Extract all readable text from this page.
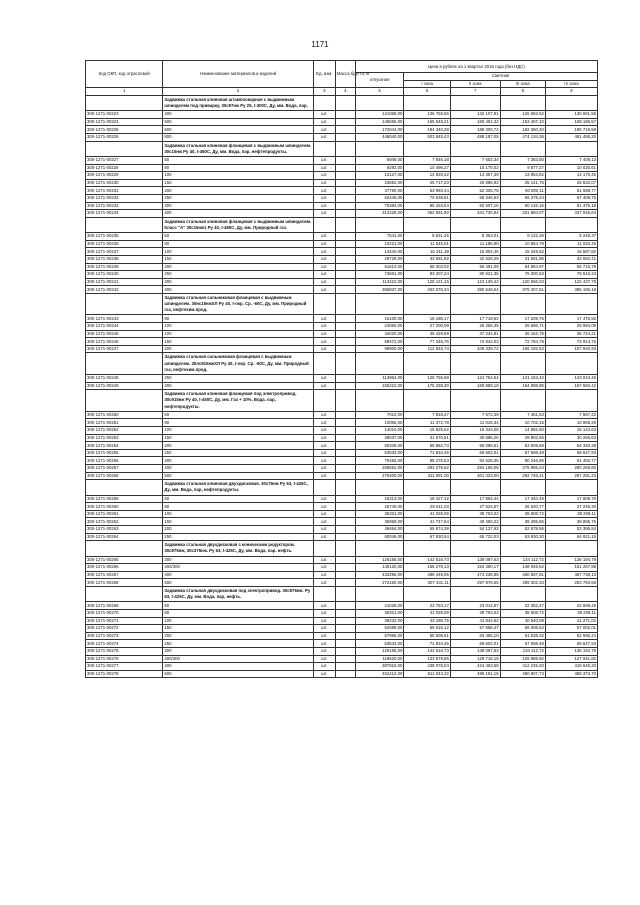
1171
Код ОКП, код отраслевой	Наименование материалов и изделий	Ед. изм.	Масса брутто, кг	Цена в рублях на 1 квартал 2016 года (без НДС)				
				отпускная	Сметная			
					I зона	II зона	III зона	IV зона
1	2	3	4	5	6	7	8	9
	Задвижка стальная клиновая штампосварная с выдвижным шпинделем под приварку, 30с97нж Ру 25, t-300С, Ду, мм. Вода, пар.							
300-1271-00223	400	шт.		121069,00	136 758,55	132 107,91	126 683,52	130 691,55
300-1271-00224	500	шт.		146556,00	165 548,21	160 404,32	153 467,10	158 196,57
300-1271-00225	600	шт.		172044,00	194 340,38	188 300,72	182 360,40	185 719,58
300-1271-00226	800	шт.		446040,00	503 845,43	488 187,05	474 134,36	481 495,20
	Задвижка стальная клиновая фланцевая с выдвижным шпинделем. 30с15нж Ру 40, t-450С, Ду, мм. Вода, пар, нефтепродукты.							
300-1271-00227	50	шт.		6946,00	7 846,18	7 602,34	7 383,50	7 408,13
300-1271-00228	80	шт.		9292,00	10 496,27	10 170,02	9 877,27	10 030,61
300-1271-00229	100	шт.		13127,00	14 828,22	14 367,39	13 953,82	14 170,45
300-1271-00230	150	шт.		23652,00	26 717,23	25 886,92	25 141,75	25 532,07
300-1271-00231	200	шт.		47790,00	53 983,44	52 305,78	50 800,11	51 588,77
300-1271-00232	250	шт.		62446,00	70 538,81	68 346,63	66 379,24	67 409,76
300-1271-00233	300	шт.		75384,00	85 153,54	82 507,16	80 132,15	81 376,18
300-1271-00234	400	шт.		312228,00	352 691,90	341 730,94	331 894,07	337 046,64
	Задвижка стальная клиновая фланцевая с выдвижным шпинделем. Класс "А" 30с15нж1 Ру 40, t-450С, Ду, мм. Природный газ.							
300-1271-00235	50	шт.		7641,00	8 631,25	8 363,01	8 122,26	8 248,37
300-1271-00236	80	шт.		10221,00	11 545,61	11 186,80	10 864,78	11 033,46
300-1271-00237	100	шт.		14440,00	16 311,38	15 804,46	15 349,52	15 587,82
300-1271-00238	150	шт.		29728,00	33 581,82	32 528,29	31 591,96	32 082,41
300-1271-00239	200	шт.		51614,00	58 303,02	56 491,09	54 864,97	55 716,78
300-1271-00240	250	шт.		73661,00	83 207,24	80 621,35	78 300,63	79 516,23
300-1271-00241	300	шт.		113422,00	128 121,15	124 139,43	120 566,03	122 437,78
300-1271-00242	400	шт.		356837,00	403 076,34	390 549,54	379 307,51	385 196,18
	Задвижка стальная сальниковая фланцевая с выдвижным шпинделем. 30нс15нжХЛ Ру 40, t-окр. Ср. -60С, Ду, мм. Природный газ, нефтехим.прод.							
300-1271-00243	80	шт.		16100,00	18 186,17	17 719,62	17 209,76	17 476,92
300-1271-00244	100	шт.		24060,00	27 200,09	26 355,35	25 596,71	25 994,09
300-1271-00245	100	шт.		34020,00	38 428,69	37 234,81	36 162,79	36 724,21
300-1271-00246	150	шт.		68472,00	77 345,76	74 942,03	72 784,79	73 914,76
300-1271-00247	200	шт.		99900,00	112 846,74	109 339,72	106 192,53	107 840,93
	Задвижка стальная сальниковая фланцевая с выдвижным шпинделем. 30лс815нжХЛ Ру 40, t-окр. Ср. -60С, Ду, мм. Природный газ, нефтехим.прод.							
300-1271-00248	250	шт.		113964,00	128 755,98	124 754,54	121 163,42	123 044,46
300-1271-00249	300	шт.		155222,00	175 338,30	169 889,18	164 998,95	167 560,42
	Задвижка стальная клиновая фланцевая под электропривод. 30с915нж Ру 40, t-450С, Ду, мм. Газ + 10%, Вода. пар, нефтепродукты.							
300-1271-00250	50	шт.		7010,00	7 918,47	7 672,39	7 451,53	7 567,22
300-1271-00251	80	шт.		10065,00	11 372,78	11 019,34	10 702,15	10 868,29
300-1271-00252	100	шт.		14010,00	15 825,62	15 343,08	14 892,50	15 123,63
300-1271-00253	150	шт.		28037,00	31 670,51	30 686,26	29 802,65	30 265,63
300-1271-00254	200	шт.		50339,00	56 862,73	55 095,61	53 509,68	54 340,38
300-1271-00255	250	шт.		63533,00	71 834,46	69 602,01	67 598,48	68 647,93
300-1271-00256	300	шт.		75492,00	85 275,53	82 625,36	80 246,96	81 492,77
300-1271-00257	400	шт.		259652,00	293 279,52	284 165,05	275 985,24	280 269,80
300-1271-00258	500	шт.		275400,00	311 091,00	301 423,00	292 746,41	297 291,23
	Задвижка стальная клиновая двухдисковая. 30с76нж Ру 63, t-425С, Ду, мм. Вода, пар, нефтепродукты.							
300-1271-00259	50	шт.		16313,00	18 427,12	17 854,44	17 340,49	17 609,70
300-1271-00260	80	шт.		25740,00	29 511,03	27 624,57	26 520,77	27 246,30
300-1271-00261	100	шт.		36321,00	41 028,09	39 753,03	38 608,72	39 208,11
300-1271-00262	150	шт.		36958,00	41 747,64	40 450,22	39 285,85	39 895,75
300-1271-00263	200	шт.		49464,00	55 874,38	54 137,93	52 579,56	53 395,84
300-1271-00264	250	шт.		60046,00	67 830,54	65 722,03	63 830,20	64 821,15
	Задвижка стальная двухдисковая с коническим редуктором. 30с875нж, 30с375нж. Ру 63, t-425С, Ду, мм. Вода, пар. нефть.							
300-1271-00265	300	шт.		126156,00	142 516,73	138 087,63	134 112,72	136 194,79
300-1271-00266	400/300	шт.		140120,00	158 278,13	153 360,17	148 945,62	151 257,98
300-1271-00267	400	шт.		433296,00	489 449,05	474 238,85	460 587,81	467 738,13
300-1271-00268	500	шт.		272160,00	307 431,11	297 876,65	289 302,33	293 793,68
	Задвижка стальная двухдисковая под электропривод. 30с976нж. Ру 63, t-425С, Ду, мм. Вода, пар, нефть.							
300-1271-00269	50	шт.		21028,00	23 753,17	23 014,97	22 352,47	22 699,49
300-1271-00270	80	шт.		36321,00	41 028,09	39 753,03	38 608,72	39 208,11
300-1271-00271	100	шт.		38232,00	43 186,75	41 844,62	40 640,09	41 271,02
300-1271-00272	150	шт.		52688,00	59 516,12	57 666,47	56 006,53	57 002,01
300-1271-00273	200	шт.		57966,00	65 508,81	63 465,10	61 638,32	62 595,24
300-1271-00274	250	шт.		63533,00	71 834,46	69 602,01	67 598,48	68 647,93
300-1271-00275	300	шт.		126156,00	142 516,73	138 087,63	134 112,72	136 194,79
300-1271-00276	400/300	шт.		118620,00	133 879,65	129 718,15	125 985,92	127 941,82
300-1271-00277	400	шт.		387815,00	438 078,04	424 463,58	412 245,20	418 645,20
300-1271-00278	500	шт.		452412,00	511 043,22	495 161,15	480 907,73	488 373,70
